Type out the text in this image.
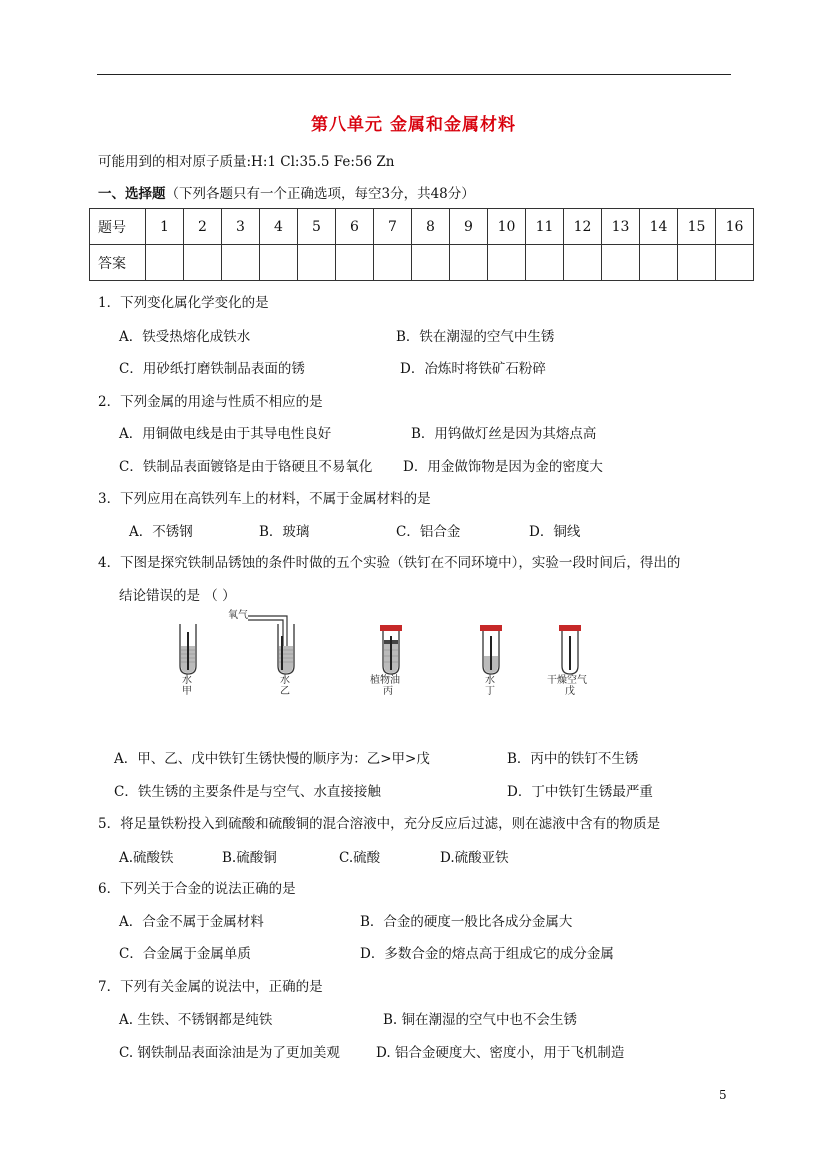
第八单元 金属和金属材料
可能用到的相对原子质量:H:1 Cl:35.5 Fe:56 Zn
一、选择题（下列各题只有一个正确选项，每空3分，共48分）
题号	1	2	3	4	5	6	7	8	9	10	11	12	13	14	15	16
答案																
1．下列变化属化学变化的是
A．铁受热熔化成铁水	B．铁在潮湿的空气中生锈
C．用砂纸打磨铁制品表面的锈	D．冶炼时将铁矿石粉碎
2．下列金属的用途与性质不相应的是
A．用铜做电线是由于其导电性良好	B．用钨做灯丝是因为其熔点高
C．铁制品表面镀铬是由于铬硬且不易氧化 D．用金做饰物是因为金的密度大
3．下列应用在高铁列车上的材料，不属于金属材料的是
A．不锈钢	B．玻璃	C．铝合金	D．铜线
4．下图是探究铁制品锈蚀的条件时做的五个实验（铁钉在不同环境中），实验一段时间后，得出的
结论错误的是 （ ）
水
甲
氧气
水
乙
植物油
丙
水
丁
干燥空气
戊
A．甲、乙、戊中铁钉生锈快慢的顺序为：乙>甲>戊	B．丙中的铁钉不生锈
C．铁生锈的主要条件是与空气、水直接接触	D．丁中铁钉生锈最严重
5．将足量铁粉投入到硫酸和硫酸铜的混合溶液中，充分反应后过滤，则在滤液中含有的物质是
A.硫酸铁	B.硫酸铜	C.硫酸	D.硫酸亚铁
6．下列关于合金的说法正确的是
A．合金不属于金属材料	B．合金的硬度一般比各成分金属大
C．合金属于金属单质	D．多数合金的熔点高于组成它的成分金属
7．下列有关金属的说法中，正确的是
A. 生铁、不锈钢都是纯铁	B. 铜在潮湿的空气中也不会生锈
C. 钢铁制品表面涂油是为了更加美观	D. 铝合金硬度大、密度小，用于飞机制造
5
